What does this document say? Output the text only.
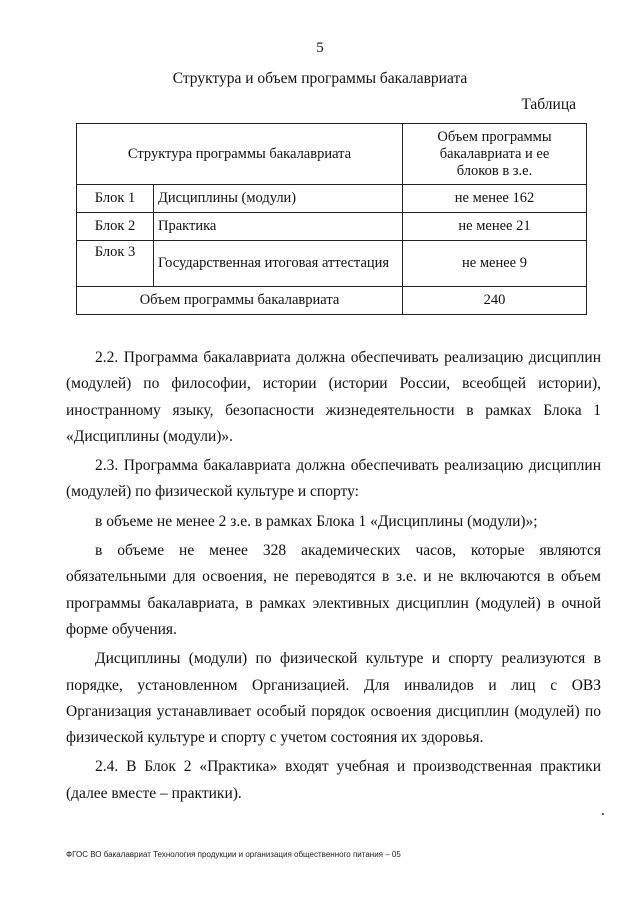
5
Структура и объем программы бакалавриата
Таблица
Структура программы бакалавриата		Объем программы бакалавриата и ее блоков в з.е.

Блок 1	Дисциплины (модули)	не менее 162
Блок 2	Практика	не менее 21
Блок 3	Государственная итоговая аттестация	не менее 9
Объем программы бакалавриата		240

2.2. Программа бакалавриата должна обеспечивать реализацию дисциплин (модулей) по философии, истории (истории России, всеобщей истории), иностранному языку, безопасности жизнедеятельности в рамках Блока 1 «Дисциплины (модули)».

2.3. Программа бакалавриата должна обеспечивать реализацию дисциплин (модулей) по физической культуре и спорту:

в объеме не менее 2 з.е. в рамках Блока 1 «Дисциплины (модули)»;

в объеме не менее 328 академических часов, которые являются обязательными для освоения, не переводятся в з.е. и не включаются в объем программы бакалавриата, в рамках элективных дисциплин (модулей) в очной форме обучения.

Дисциплины (модули) по физической культуре и спорту реализуются в порядке, установленном Организацией. Для инвалидов и лиц с ОВЗ Организация устанавливает особый порядок освоения дисциплин (модулей) по физической культуре и спорту с учетом состояния их здоровья.

2.4. В Блок 2 «Практика» входят учебная и производственная практики (далее вместе – практики).

ФГОС ВО бакалавриат Технология продукции и организация общественного питания – 05
